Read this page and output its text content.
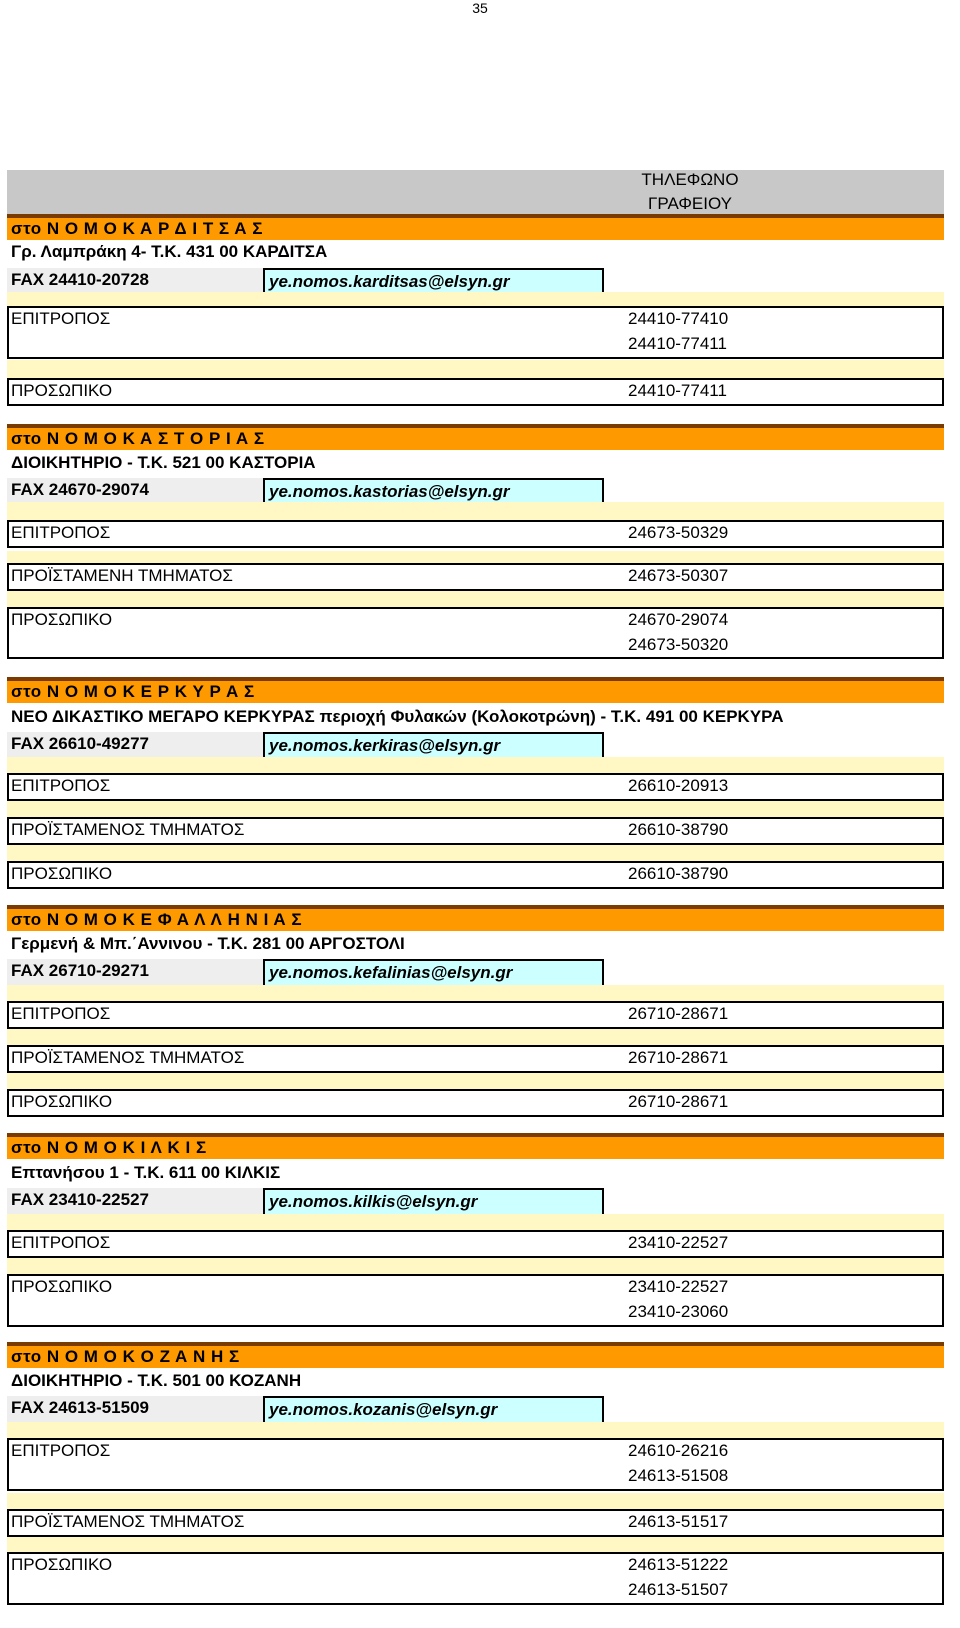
35
ΤΗΛΕΦΩΝΟ
ΓΡΑΦΕΙΟΥ
στο Ν Ο Μ Ο Κ Α Ρ Δ Ι Τ Σ Α Σ
Γρ. Λαμπράκη 4- Τ.Κ. 431 00 ΚΑΡΔΙΤΣΑ
FAX 24410-20728	ye.nomos.karditsas@elsyn.gr
ΕΠΙΤΡΟΠΟΣ	24410-77410
24410-77411
ΠΡΟΣΩΠΙΚΟ	24410-77411
στο Ν Ο Μ Ο Κ Α Σ Τ Ο Ρ Ι Α Σ
ΔΙΟΙΚΗΤΗΡΙΟ - Τ.Κ. 521 00 ΚΑΣΤΟΡΙΑ
FAX 24670-29074	ye.nomos.kastorias@elsyn.gr
ΕΠΙΤΡΟΠΟΣ	24673-50329
ΠΡΟΪΣΤΑΜΕΝΗ ΤΜΗΜΑΤΟΣ	24673-50307
ΠΡΟΣΩΠΙΚΟ	24670-29074
24673-50320
στο Ν Ο Μ Ο Κ Ε Ρ Κ Υ Ρ Α Σ
ΝΕΟ ΔΙΚΑΣΤΙΚΟ ΜΕΓΑΡΟ ΚΕΡΚΥΡΑΣ περιοχή Φυλακών (Κολοκοτρώνη) - Τ.Κ. 491 00 ΚΕΡΚΥΡΑ
FAX 26610-49277	ye.nomos.kerkiras@elsyn.gr
ΕΠΙΤΡΟΠΟΣ	26610-20913
ΠΡΟΪΣΤΑΜΕΝΟΣ ΤΜΗΜΑΤΟΣ	26610-38790
ΠΡΟΣΩΠΙΚΟ	26610-38790
στο Ν Ο Μ Ο Κ Ε Φ Α Λ Λ Η Ν Ι Α Σ
Γερμενή & Μπ.΄Αννινου - Τ.Κ. 281 00 ΑΡΓΟΣΤΟΛΙ
FAX 26710-29271	ye.nomos.kefalinias@elsyn.gr
ΕΠΙΤΡΟΠΟΣ	26710-28671
ΠΡΟΪΣΤΑΜΕΝΟΣ ΤΜΗΜΑΤΟΣ	26710-28671
ΠΡΟΣΩΠΙΚΟ	26710-28671
στο Ν Ο Μ Ο Κ Ι Λ Κ Ι Σ
Επτανήσου 1 - Τ.Κ. 611 00 ΚΙΛΚΙΣ
FAX 23410-22527	ye.nomos.kilkis@elsyn.gr
ΕΠΙΤΡΟΠΟΣ	23410-22527
ΠΡΟΣΩΠΙΚΟ	23410-22527
23410-23060
στο Ν Ο Μ Ο Κ Ο Ζ Α Ν Η Σ
ΔΙΟΙΚΗΤΗΡΙΟ - Τ.Κ. 501 00 ΚΟΖΑΝΗ
FAX 24613-51509	ye.nomos.kozanis@elsyn.gr
ΕΠΙΤΡΟΠΟΣ	24610-26216
24613-51508
ΠΡΟΪΣΤΑΜΕΝΟΣ ΤΜΗΜΑΤΟΣ	24613-51517
ΠΡΟΣΩΠΙΚΟ	24613-51222
24613-51507
